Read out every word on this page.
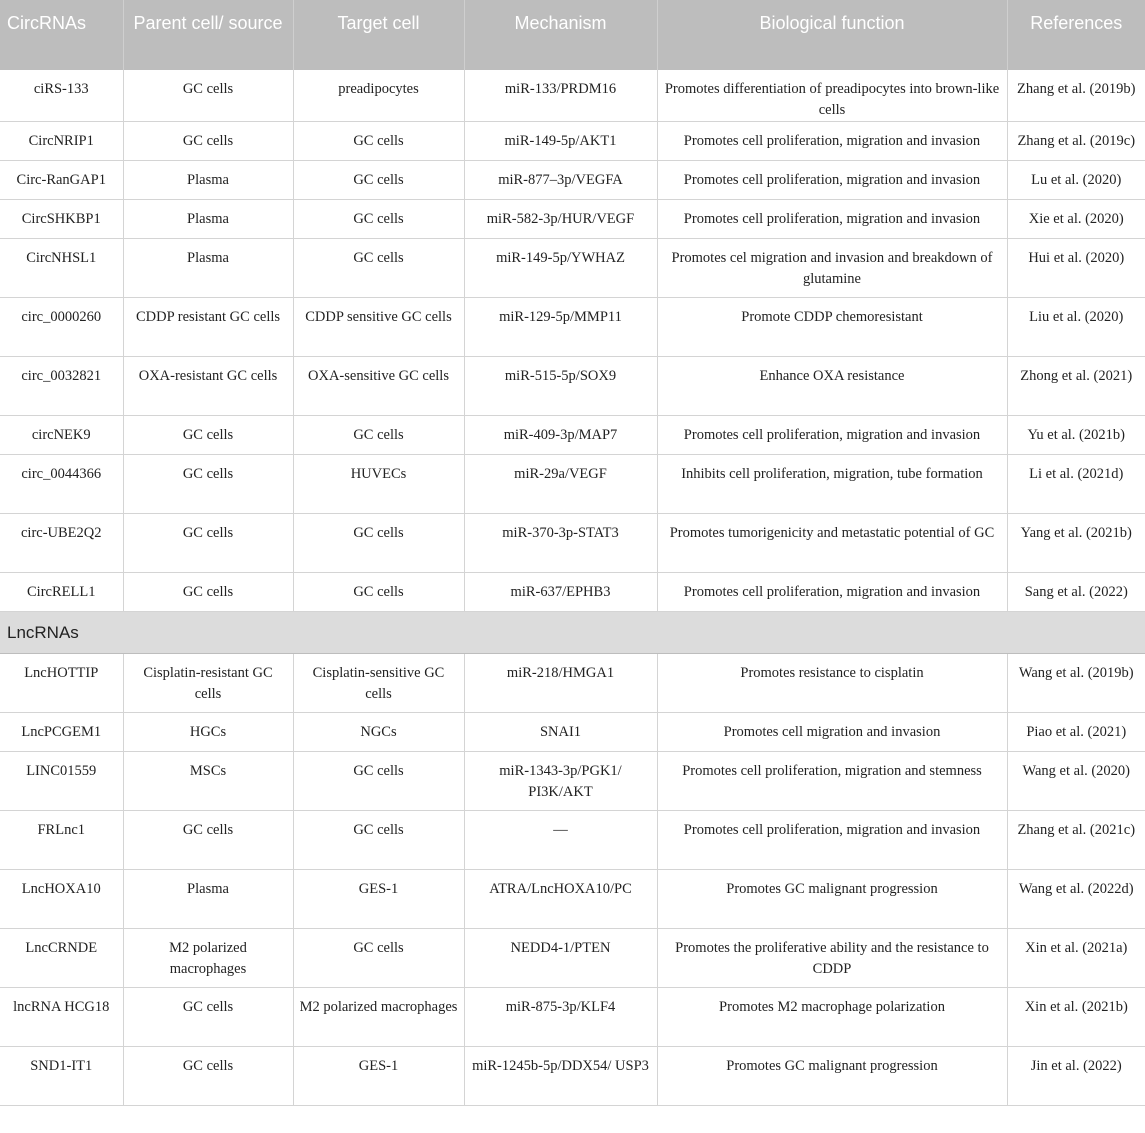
CircRNAs	Parent cell/ source	Target cell	Mechanism	Biological function	References
ciRS-133	GC cells	preadipocytes	miR-133/PRDM16	Promotes differentiation of preadipocytes into brown-like cells	Zhang et al. (2019b)
CircNRIP1	GC cells	GC cells	miR-149-5p/AKT1	Promotes cell proliferation, migration and invasion	Zhang et al. (2019c)
Circ-RanGAP1	Plasma	GC cells	miR-877–3p/VEGFA	Promotes cell proliferation, migration and invasion	Lu et al. (2020)
CircSHKBP1	Plasma	GC cells	miR-582-3p/HUR/VEGF	Promotes cell proliferation, migration and invasion	Xie et al. (2020)
CircNHSL1	Plasma	GC cells	miR-149-5p/YWHAZ	Promotes cel migration and invasion and breakdown of glutamine	Hui et al. (2020)
circ_0000260	CDDP resistant GC cells	CDDP sensitive GC cells	miR-129-5p/MMP11	Promote CDDP chemoresistant	Liu et al. (2020)
circ_0032821	OXA-resistant GC cells	OXA-sensitive GC cells	miR-515-5p/SOX9	Enhance OXA resistance	Zhong et al. (2021)
circNEK9	GC cells	GC cells	miR-409-3p/MAP7	Promotes cell proliferation, migration and invasion	Yu et al. (2021b)
circ_0044366	GC cells	HUVECs	miR-29a/VEGF	Inhibits cell proliferation, migration, tube formation	Li et al. (2021d)
circ-UBE2Q2	GC cells	GC cells	miR-370-3p-STAT3	Promotes tumorigenicity and metastatic potential of GC	Yang et al. (2021b)
CircRELL1	GC cells	GC cells	miR-637/EPHB3	Promotes cell proliferation, migration and invasion	Sang et al. (2022)
LncRNAs					
LncHOTTIP	Cisplatin-resistant GC cells	Cisplatin-sensitive GC cells	miR-218/HMGA1	Promotes resistance to cisplatin	Wang et al. (2019b)
LncPCGEM1	HGCs	NGCs	SNAI1	Promotes cell migration and invasion	Piao et al. (2021)
LINC01559	MSCs	GC cells	miR-1343-3p/PGK1/ PI3K/AKT	Promotes cell proliferation, migration and stemness	Wang et al. (2020)
FRLnc1	GC cells	GC cells	—	Promotes cell proliferation, migration and invasion	Zhang et al. (2021c)
LncHOXA10	Plasma	GES-1	ATRA/LncHOXA10/PC	Promotes GC malignant progression	Wang et al. (2022d)
LncCRNDE	M2 polarized macrophages	GC cells	NEDD4-1/PTEN	Promotes the proliferative ability and the resistance to CDDP	Xin et al. (2021a)
lncRNA HCG18	GC cells	M2 polarized macrophages	miR-875-3p/KLF4	Promotes M2 macrophage polarization	Xin et al. (2021b)
SND1-IT1	GC cells	GES-1	miR-1245b-5p/DDX54/ USP3	Promotes GC malignant progression	Jin et al. (2022)
